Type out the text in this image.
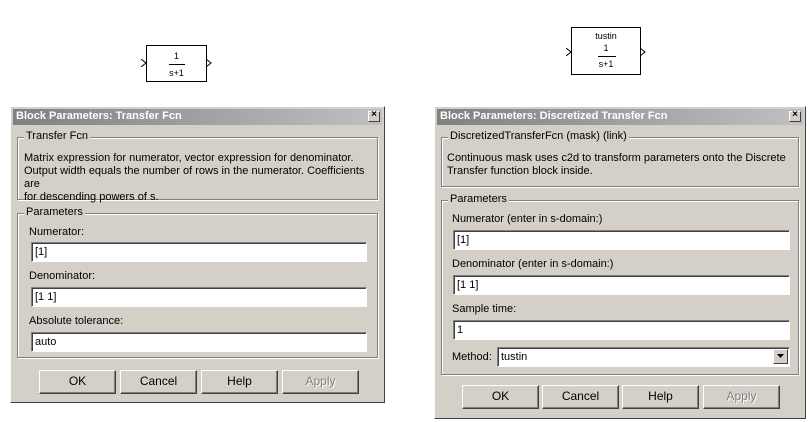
1
s+1
tustin
1
s+1
Block Parameters: Transfer Fcn	×
Transfer Fcn
Matrix expression for numerator, vector expression for denominator.
Output width equals the number of rows in the numerator. Coefficients are
for descending powers of s.
Parameters
Numerator:
[1]
Denominator:
[1 1]
Absolute tolerance:
auto
OK	Cancel	Help	Apply
Block Parameters: Discretized Transfer Fcn	×
DiscretizedTransferFcn (mask) (link)
Continuous mask uses c2d to transform parameters onto the Discrete
Transfer function block inside.
Parameters
Numerator (enter in s-domain:)
[1]
Denominator (enter in s-domain:)
[1 1]
Sample time:
1
Method: tustin
OK	Cancel	Help	Apply
